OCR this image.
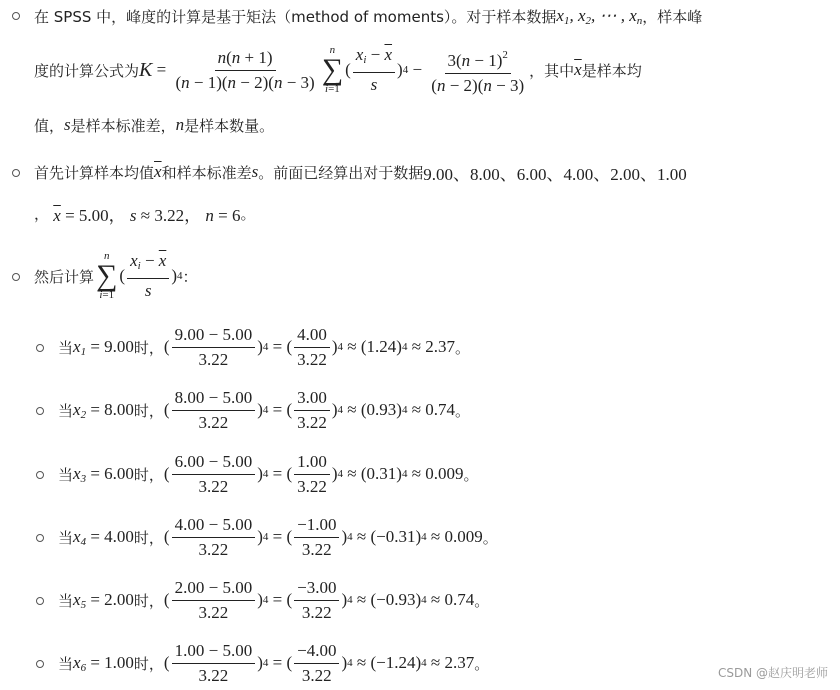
在 SPSS 中，峰度的计算是基于矩法（method of moments）。对于样本数据 $x_1$, $x_2$, ⋯ , $x_n$ ，样本峰
度的计算公式为 $K = \frac{n(n + 1)}{(n - 1)(n - 2)(n - 3)}$ n
∑
i=1
( $\frac{x_i - \overline{x}}{s}$ ) $4 - \frac{3(n - 1)^2}{(n - 2)(n - 3)}$ ，其中 $\overline{x}$ 是样本均
值， s 是样本标准差， n 是样本数量。
首先计算样本均值 $\overline{x}$ 和样本标准差 s 。前面已经算出对于数据 9.00、8.00、6.00、4.00、2.00、1.00
， $\overline{x} = 5.00$， s ≈ 3.22， n = 6 。
然后计算
n
∑
i=1
( $\frac{x_i - \overline{x}}{s}$ ) 4 ：
当 $x_1 = 9.00$ 时， ( $\frac{9.00 - 5.00}{3.22}$ ) 4 = ( $\frac{4.00}{3.22}$ ) 4 ≈ ( 1.24 ) 4 ≈ 2.37 。
当 $x_2 = 8.00$ 时， ( $\frac{8.00 - 5.00}{3.22}$ ) 4 = ( $\frac{3.00}{3.22}$ ) 4 ≈ ( 0.93 ) 4 ≈ 0.74 。
当 $x_3 = 6.00$ 时， ( $\frac{6.00 - 5.00}{3.22}$ ) 4 = ( $\frac{1.00}{3.22}$ ) 4 ≈ ( 0.31 ) 4 ≈ 0.009 。
当 $x_4 = 4.00$ 时， ( $\frac{4.00 - 5.00}{3.22}$ ) 4 = ( $\frac{-1.00}{3.22}$ ) 4 ≈ ( −0.31 ) 4 ≈ 0.009 。
当 $x_5 = 2.00$ 时， ( $\frac{2.00 - 5.00}{3.22}$ ) 4 = ( $\frac{-3.00}{3.22}$ ) 4 ≈ ( −0.93 ) 4 ≈ 0.74 。
当 $x_6 = 1.00$ 时， ( $\frac{1.00 - 5.00}{3.22}$ ) 4 = ( $\frac{-4.00}{3.22}$ ) 4 ≈ ( −1.24 ) 4 ≈ 2.37 。
CSDN @赵庆明老师
